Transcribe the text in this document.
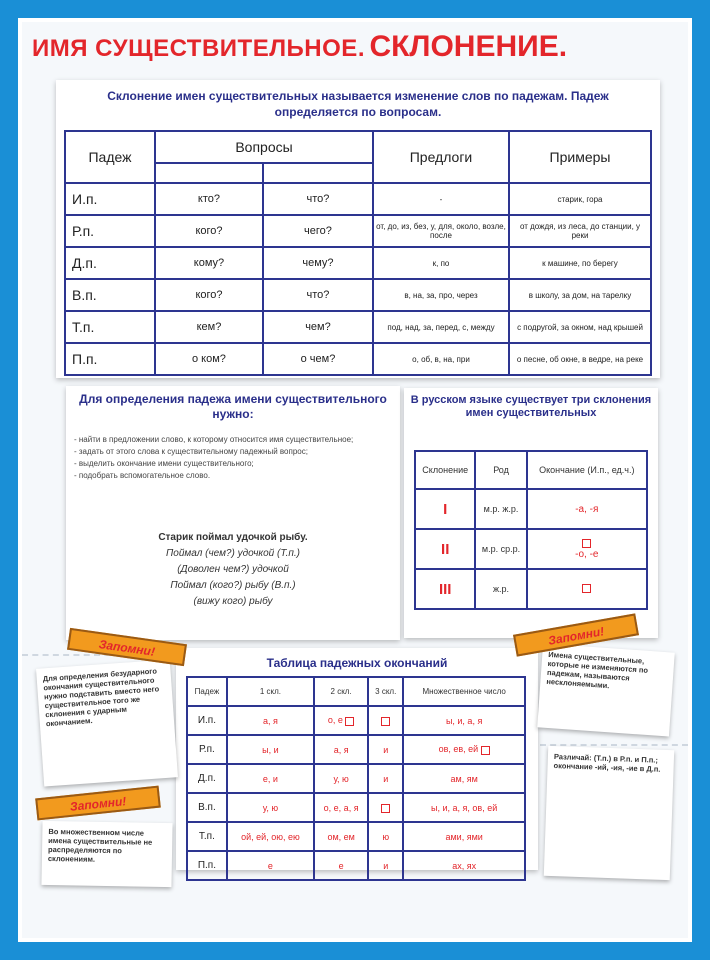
ИМЯ СУЩЕСТВИТЕЛЬНОЕ. СКЛОНЕНИЕ.
Склонение имен существительных называется изменение слов по падежам. Падеж определяется по вопросам.
Падеж	Вопросы		Предлоги	Примеры

И.п.	кто?	что?	-	старик, гора
Р.п.	кого?	чего?	от, до, из, без, у, для, около, возле, после	от дождя, из леса, до станции, у реки
Д.п.	кому?	чему?	к, по	к машине, по берегу
В.п.	кого?	что?	в, на, за, про, через	в школу, за дом, на тарелку
Т.п.	кем?	чем?	под, над, за, перед, с, между	с подругой, за окном, над крышей
П.п.	о ком?	о чем?	о, об, в, на, при	о песне, об окне, в ведре, на реке
Для определения падежа имени существительного нужно:
- найти в предложении слово, к которому относится имя существительное;
- задать от этого слова к существительному падежный вопрос;
- выделить окончание имени существительного;
- подобрать вспомогательное слово.
Старик поймал удочкой рыбу.
Поймал (чем?) удочкой (Т.п.)
(Доволен чем?) удочкой
Поймал (кого?) рыбу (В.п.)
(вижу кого) рыбу
В русском языке существует три склонения имен существительных
Склонение	Род	Окончание (И.п., ед.ч.)
I	м.р. ж.р.	-а, -я
II	м.р. ср.р.	-о, -е
III	ж.р.	
Таблица падежных окончаний
Падеж	1 скл.	2 скл.	3 скл.	Множественное число
И.п.	а, я	о, е		ы, и, а, я
Р.п.	ы, и	а, я	и	ов, ев, ей
Д.п.	е, и	у, ю	и	ам, ям
В.п.	у, ю	о, е, а, я		ы, и, а, я, ов, ей
Т.п.	ой, ей, ою, ею	ом, ем	ю	ами, ями
П.п.	е	е	и	ах, ях
Для определения безударного окончания существительного нужно подставить вместо него существительное того же склонения с ударным окончанием.
Во множественном числе имена существительные не распределяются по склонениям.
Имена существительные, которые не изменяются по падежам, называются несклоняемыми.
Различай: (Т.п.) в Р.п. и П.п.; окончание -ий, -ия, -ие в Д.п.
Запомни!
Запомни!
Запомни!
